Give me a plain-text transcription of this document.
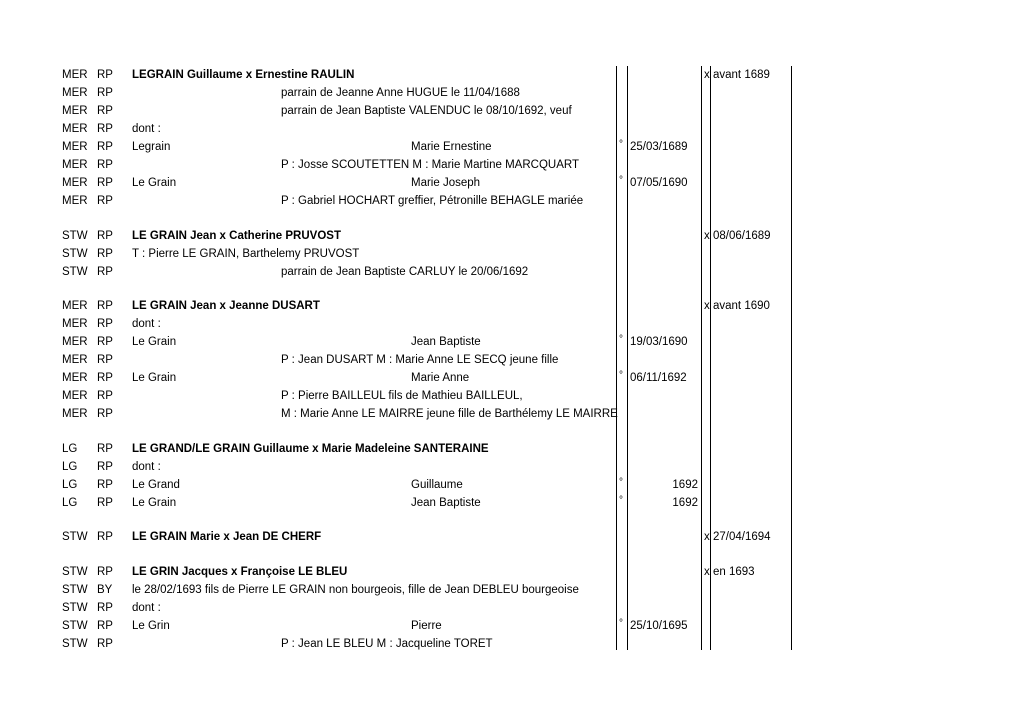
MER RP LEGRAIN Guillaume x Ernestine RAULIN	x avant 1689
MER RP	parrain de Jeanne Anne HUGUE le 11/04/1688
MER RP	parrain de Jean Baptiste VALENDUC le 08/10/1692, veuf
MER RP dont :
MER RP Legrain	Marie Ernestine	° 25/03/1689
MER RP	P : Josse SCOUTETTEN M : Marie Martine MARCQUART
MER RP Le Grain	Marie Joseph	° 07/05/1690
MER RP	P : Gabriel HOCHART greffier, Pétronille BEHAGLE mariée
STW RP LE GRAIN Jean x Catherine PRUVOST	x 08/06/1689
STW RP T : Pierre LE GRAIN, Barthelemy PRUVOST
STW RP	parrain de Jean Baptiste CARLUY le 20/06/1692
MER RP LE GRAIN Jean x Jeanne DUSART	x avant 1690
MER RP dont :
MER RP Le Grain	Jean Baptiste	° 19/03/1690
MER RP	P : Jean DUSART M : Marie Anne LE SECQ jeune fille
MER RP Le Grain	Marie Anne	° 06/11/1692
MER RP	P : Pierre BAILLEUL fils de Mathieu BAILLEUL,
MER RP	M : Marie Anne LE MAIRRE jeune fille de Barthélemy LE MAIRRE
LG RP LE GRAND/LE GRAIN Guillaume x Marie Madeleine SANTERAINE
LG RP dont :
LG RP Le Grand	Guillaume	°	1692
LG RP Le Grain	Jean Baptiste	°	1692
STW RP LE GRAIN Marie x Jean DE CHERF	x 27/04/1694
STW RP LE GRIN Jacques x Françoise LE BLEU	x en 1693
STW BY le 28/02/1693 fils de Pierre LE GRAIN non bourgeois, fille de Jean DEBLEU bourgeoise
STW RP dont :
STW RP Le Grin	Pierre	° 25/10/1695
STW RP	P : Jean LE BLEU M : Jacqueline TORET
